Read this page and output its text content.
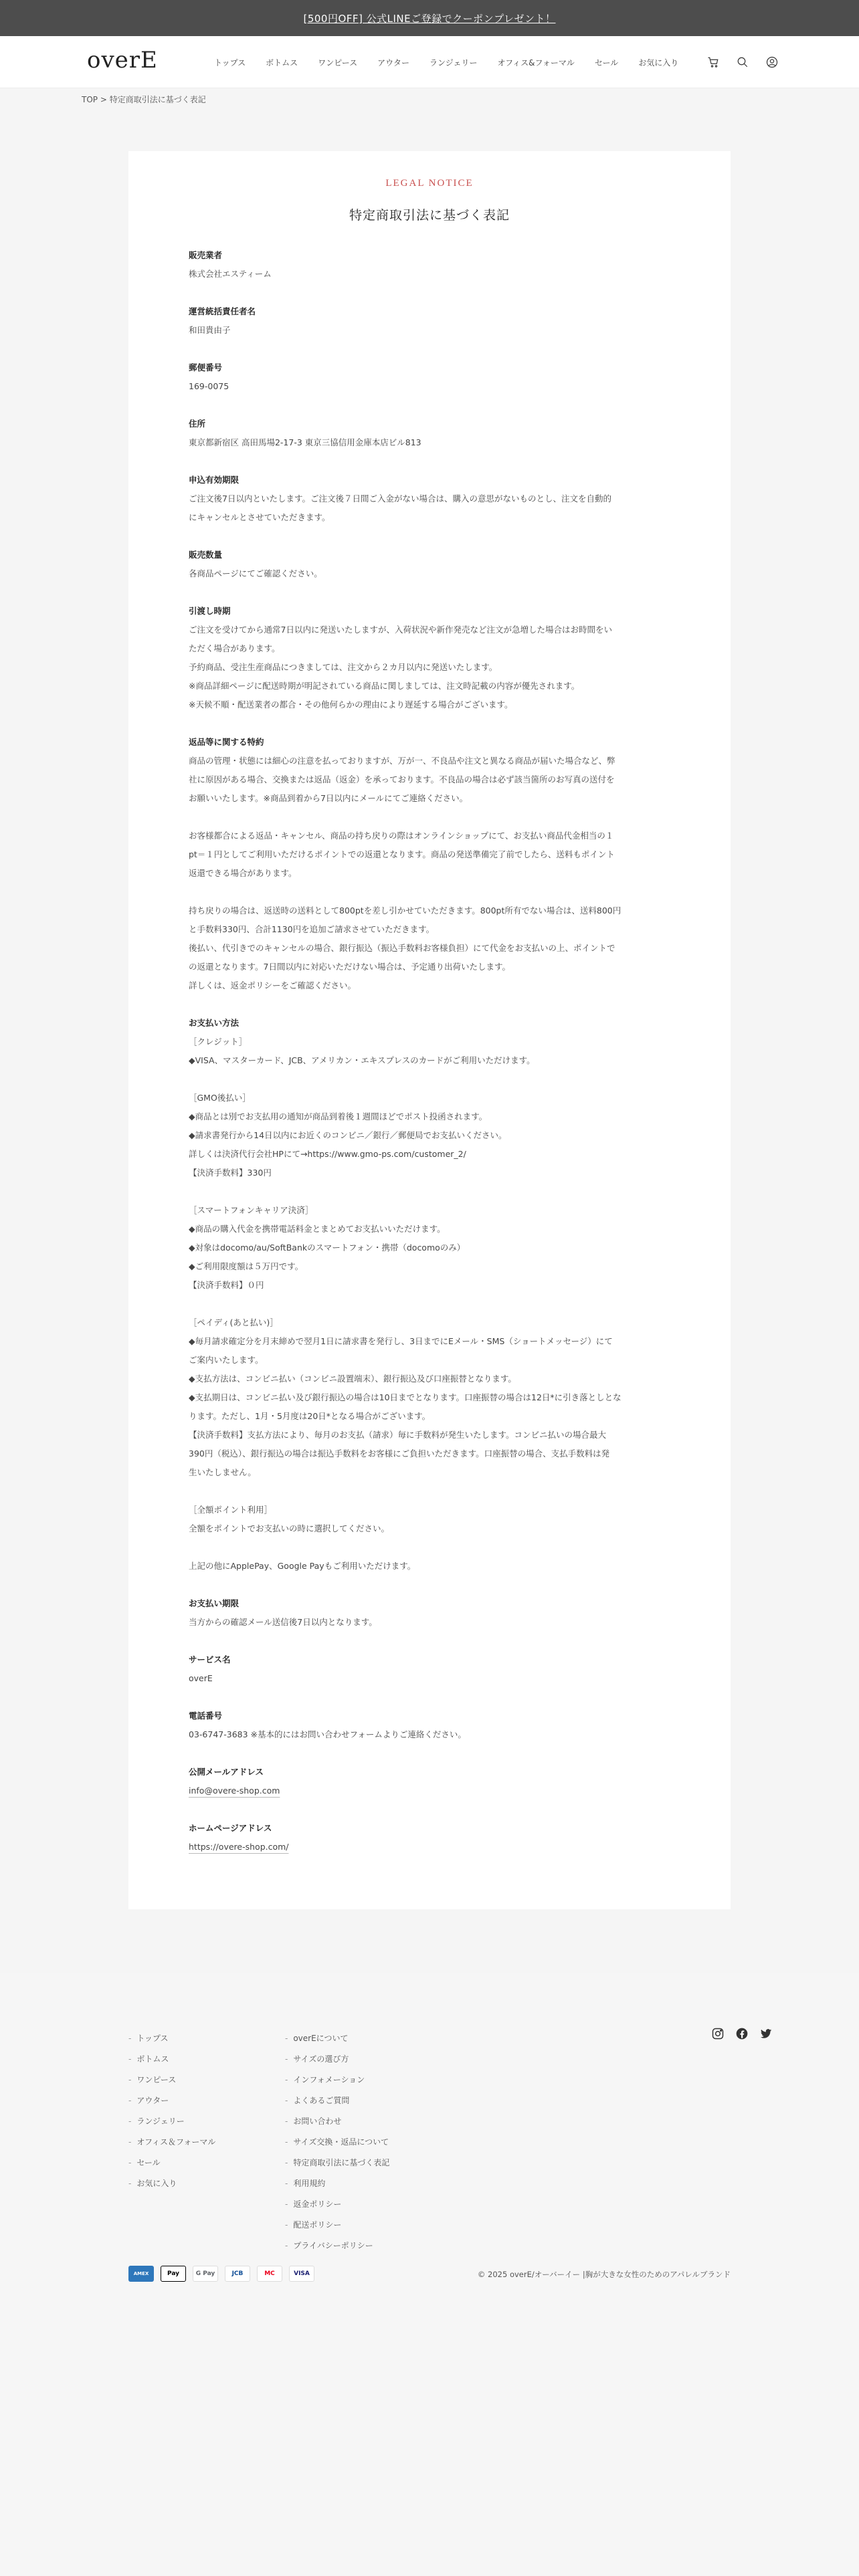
[500円OFF] 公式LINEご登録でクーポンプレゼント！
overE	トップス	ボトムス	ワンピース	アウター	ランジェリー	オフィス&フォーマル	セール	お気に入り
TOP > 特定商取引法に基づく表記
LEGAL NOTICE
特定商取引法に基づく表記
販売業者
株式会社エスティーム
運営統括責任者名
和田貴由子
郵便番号
169-0075
住所
東京都新宿区 高田馬場2-17-3 東京三協信用金庫本店ビル813
申込有効期限
ご注文後7日以内といたします。ご注文後７日間ご入金がない場合は、購入の意思がないものとし、注文を自動的
にキャンセルとさせていただきます。
販売数量
各商品ページにてご確認ください。
引渡し時期
ご注文を受けてから通常7日以内に発送いたしますが、入荷状況や新作発売など注文が急増した場合はお時間をい
ただく場合があります。
予約商品、受注生産商品につきましては、注文から２カ月以内に発送いたします。
※商品詳細ページに配送時期が明記されている商品に関しましては、注文時記載の内容が優先されます。
※天候不順・配送業者の都合・その他何らかの理由により遅延する場合がございます。
返品等に関する特約
商品の管理・状態には細心の注意を払っておりますが、万が一、不良品や注文と異なる商品が届いた場合など、弊
社に原因がある場合、交換または返品（返金）を承っております。不良品の場合は必ず該当箇所のお写真の送付を
お願いいたします。※商品到着から7日以内にメールにてご連絡ください。
お客様都合による返品・キャンセル、商品の持ち戻りの際はオンラインショップにて、お支払い商品代金相当の１
pt＝１円としてご利用いただけるポイントでの返還となります。商品の発送準備完了前でしたら、送料もポイント
返還できる場合があります。
持ち戻りの場合は、返送時の送料として800ptを差し引かせていただきます。800pt所有でない場合は、送料800円
と手数料330円、合計1130円を追加ご請求させていただきます。
後払い、代引きでのキャンセルの場合、銀行振込（振込手数料お客様負担）にて代金をお支払いの上、ポイントで
の返還となります。7日間以内に対応いただけない場合は、予定通り出荷いたします。
詳しくは、返金ポリシーをご確認ください。
お支払い方法
［クレジット］
◆VISA、マスターカード、JCB、アメリカン・エキスプレスのカードがご利用いただけます。
［GMO後払い］
◆商品とは別でお支払用の通知が商品到着後１週間ほどでポスト投函されます。
◆請求書発行から14日以内にお近くのコンビニ／銀行／郵便局でお支払いください。
詳しくは決済代行会社HPにて→https://www.gmo-ps.com/customer_2/
【決済手数料】330円
［スマートフォンキャリア決済］
◆商品の購入代金を携帯電話料金とまとめてお支払いいただけます。
◆対象はdocomo/au/SoftBankのスマートフォン・携帯（docomoのみ）
◆ご利用限度額は５万円です。
【決済手数料】０円
［ペイディ(あと払い)］
◆毎月請求確定分を月末締めで翌月1日に請求書を発行し、3日までにEメール・SMS（ショートメッセージ）にて
ご案内いたします。
◆支払方法は、コンビニ払い（コンビニ設置端末）、銀行振込及び口座振替となります。
◆支払期日は、コンビニ払い及び銀行振込の場合は10日までとなります。口座振替の場合は12日*に引き落としとな
ります。ただし、1月・5月度は20日*となる場合がございます。
【決済手数料】支払方法により、毎月のお支払（請求）毎に手数料が発生いたします。コンビニ払いの場合最大
390円（税込）、銀行振込の場合は振込手数料をお客様にご負担いただきます。口座振替の場合、支払手数料は発
生いたしません。
［全額ポイント利用］
全額をポイントでお支払いの時に選択してください。
上記の他にApplePay、Google Payもご利用いただけます。
お支払い期限
当方からの確認メール送信後7日以内となります。
サービス名
overE
電話番号
03-6747-3683 ※基本的にはお問い合わせフォームよりご連絡ください。
公開メールアドレス
info@overe-shop.com
ホームページアドレス
https://overe-shop.com/
- トップス
- ボトムス
- ワンピース
- アウター
- ランジェリー
- オフィス＆フォーマル
- セール
- お気に入り
- overEについて
- サイズの選び方
- インフォメーション
- よくあるご質問
- お問い合わせ
- サイズ交換・返品について
- 特定商取引法に基づく表記
- 利用規約
- 返金ポリシー
- 配送ポリシー
- プライバシーポリシー
AMEX	Pay	G Pay	JCB	MC	VISA	© 2025 overE/オーバーイー |胸が大きな女性のためのアパレルブランド
